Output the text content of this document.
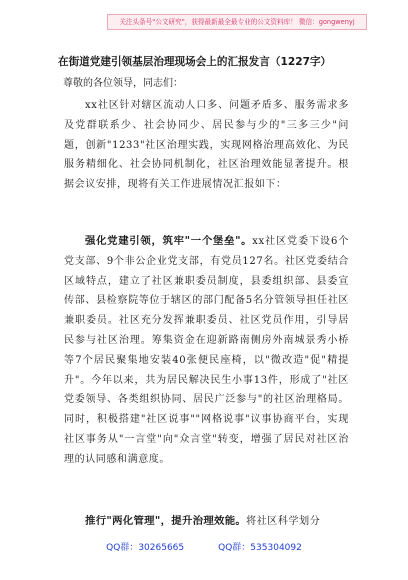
关注头条号"公文研究"，获得最新最全最专业的公文资料库！ 微信：gongwenyj
在街道党建引领基层治理现场会上的汇报发言（1227字）
尊敬的各位领导，同志们：

xx社区针对辖区流动人口多、问题矛盾多、服务需求多及党群联系少、社会协同少、居民参与少的"三多三少"问题，创新"1233"社区治理实践，实现网格治理高效化、为民服务精细化、社会协同机制化，社区治理效能显著提升。根据会议安排，现将有关工作进展情况汇报如下：

强化党建引领，筑牢"一个堡垒"。xx社区党委下设6个党支部、9个非公企业党支部，有党员127名。社区党委结合区域特点，建立了社区兼职委员制度，县委组织部、县委宣传部、县检察院等位于辖区的部门配备5名分管领导担任社区兼职委员。社区充分发挥兼职委员、社区党员作用，引导居民参与社区治理。筹集资金在迎新路南侧房外南城景秀小桥等7个居民聚集地安装40张便民座椅，以"微改造"促"精提升"。今年以来，共为居民解决民生小事13件，形成了"社区党委领导、各类组织协同、居民广泛参与"的社区治理格局。同时，积极搭建"社区说事""网格说事"议事协商平台，实现社区事务从"一言堂"向"众言堂"转变，增强了居民对社区治理的认同感和满意度。

推行"两化管理"，提升治理效能。将社区科学划分

QQ群：30265665	QQ群：535304092
